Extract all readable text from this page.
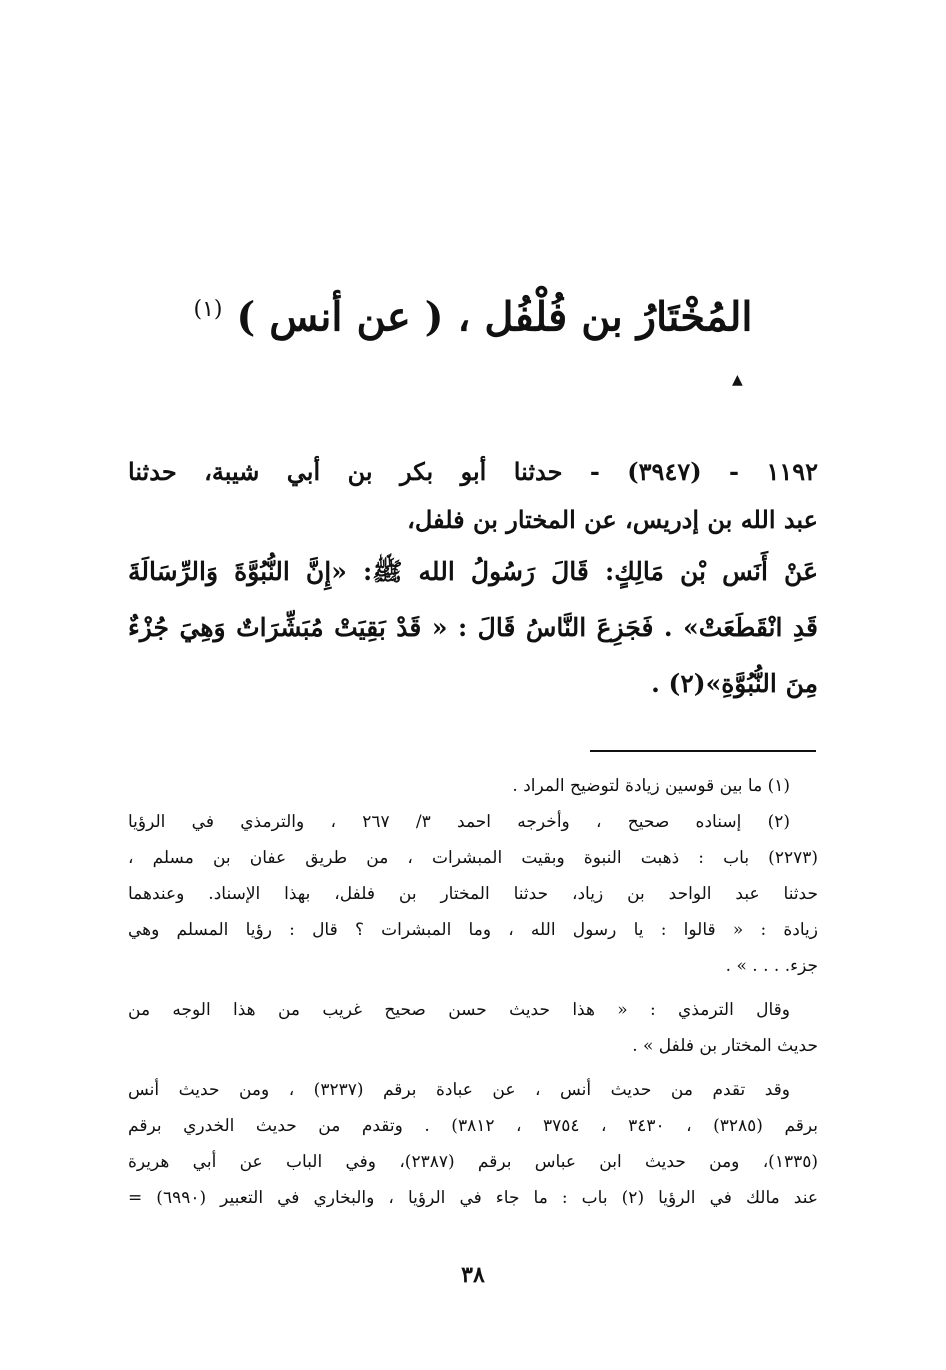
المُخْتَارُ بن فُلْفُل ، ( عن أنس ) $^{(١)}$
▲
١١٩٢ - (٣٩٤٧) - حدثنا أبو بكر بن أبي شيبة، حدثنا
عبد الله بن إدريس، عن المختار بن فلفل،
عَنْ أَنَس بْن مَالِكٍ: قَالَ رَسُولُ الله ﷺ: «إِنَّ النُّبُوَّةَ وَالرِّسَالَةَ
قَدِ انْقَطَعَتْ» . فَجَزِعَ النَّاسُ قَالَ : « قَدْ بَقِيَتْ مُبَشِّرَاتٌ وَهِيَ جُزْءٌ
مِنَ النُّبُوَّةِ»(٢) .
(١) ما بين قوسين زيادة لتوضيح المراد .
(٢) إسناده صحيح ، وأخرجه احمد ٣/ ٢٦٧ ، والترمذي في الرؤيا
(٢٢٧٣) باب : ذهبت النبوة وبقيت المبشرات ، من طريق عفان بن مسلم ،
حدثنا عبد الواحد بن زياد، حدثنا المختار بن فلفل، بهذا الإسناد. وعندهما
زيادة : « قالوا : يا رسول الله ، وما المبشرات ؟ قال : رؤيا المسلم وهي
جزء. . . . » .
وقال الترمذي : « هذا حديث حسن صحيح غريب من هذا الوجه من
حديث المختار بن فلفل » .
وقد تقدم من حديث أنس ، عن عبادة برقم (٣٢٣٧) ، ومن حديث أنس
برقم (٣٢٨٥) ، ٣٤٣٠ ، ٣٧٥٤ ، ٣٨١٢) . وتقدم من حديث الخدري برقم
(١٣٣٥)، ومن حديث ابن عباس برقم (٢٣٨٧)، وفي الباب عن أبي هريرة
عند مالك في الرؤيا (٢) باب : ما جاء في الرؤيا ، والبخاري في التعبير (٦٩٩٠) =
٣٨
